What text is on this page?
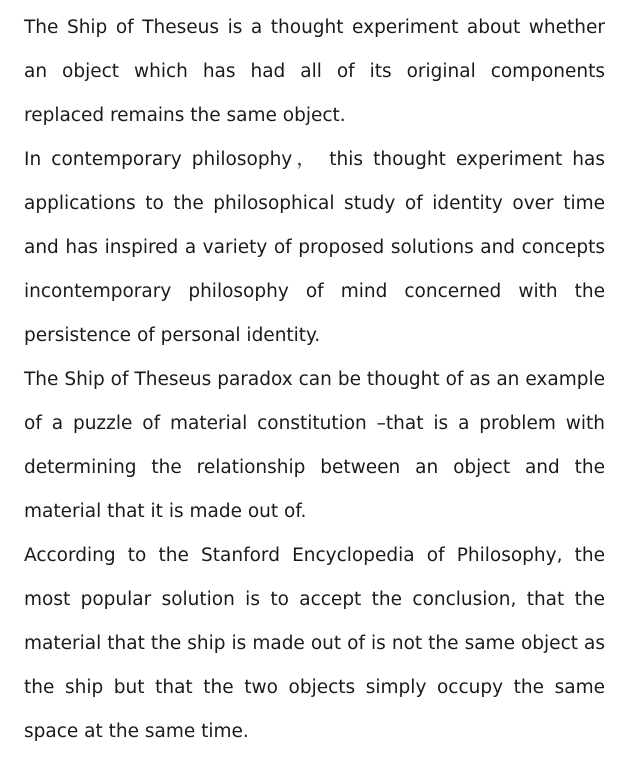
The Ship of Theseus is a thought experiment about whether an object which has had all of its original components replaced remains the same object.

In contemporary philosophy， this thought experiment has applications to the philosophical study of identity over time and has inspired a variety of proposed solutions and concepts incontemporary philosophy of mind concerned with the persistence of personal identity.

The Ship of Theseus paradox can be thought of as an example of a puzzle of material constitution –that is a problem with determining the relationship between an object and the material that it is made out of.

According to the Stanford Encyclopedia of Philosophy, the most popular solution is to accept the conclusion, that the material that the ship is made out of is not the same object as the ship but that the two objects simply occupy the same space at the same time.
